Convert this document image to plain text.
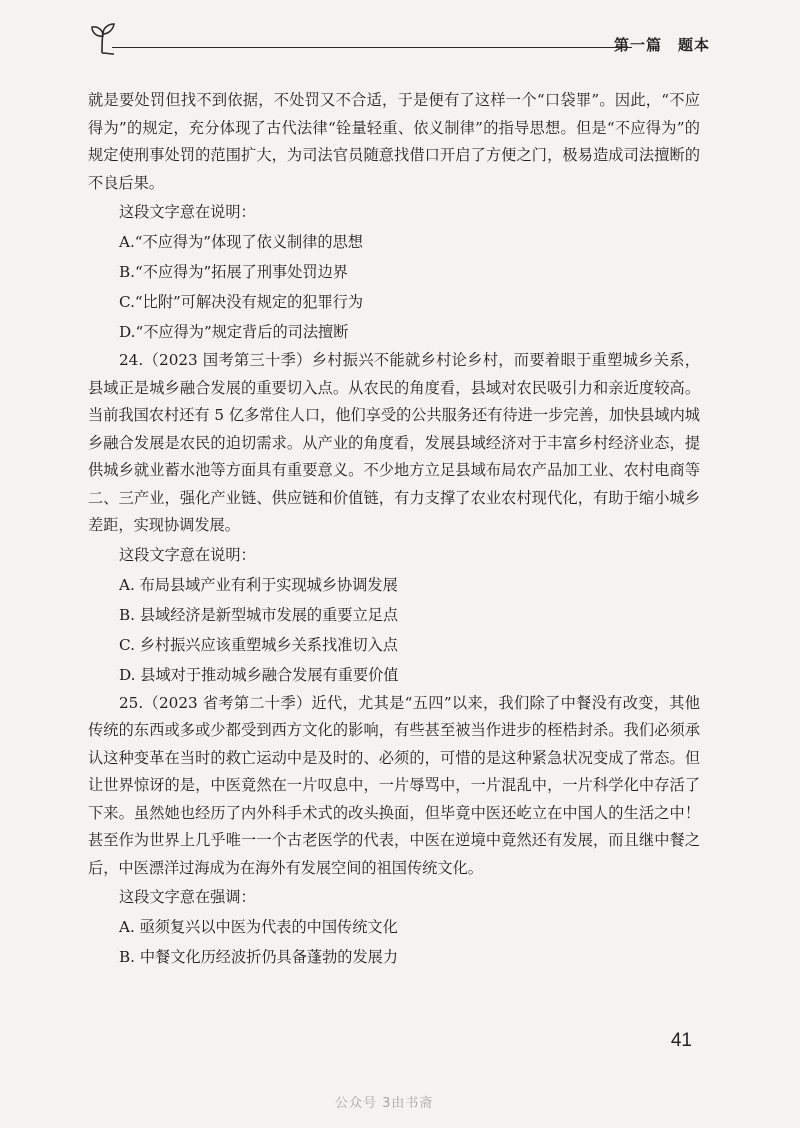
第一篇　题本

就是要处罚但找不到依据，不处罚又不合适，于是便有了这样一个“口袋罪”。因此，“不应得为”的规定，充分体现了古代法律“铨量轻重、依义制律”的指导思想。但是“不应得为”的规定使刑事处罚的范围扩大，为司法官员随意找借口开启了方便之门，极易造成司法擅断的不良后果。

这段文字意在说明：

A.“不应得为”体现了依义制律的思想

B.“不应得为”拓展了刑事处罚边界

C.“比附”可解决没有规定的犯罪行为

D.“不应得为”规定背后的司法擅断

24.（2023 国考第三十季）乡村振兴不能就乡村论乡村，而要着眼于重塑城乡关系，县域正是城乡融合发展的重要切入点。从农民的角度看，县域对农民吸引力和亲近度较高。当前我国农村还有 5 亿多常住人口，他们享受的公共服务还有待进一步完善，加快县域内城乡融合发展是农民的迫切需求。从产业的角度看，发展县域经济对于丰富乡村经济业态，提供城乡就业蓄水池等方面具有重要意义。不少地方立足县域布局农产品加工业、农村电商等二、三产业，强化产业链、供应链和价值链，有力支撑了农业农村现代化，有助于缩小城乡差距，实现协调发展。

这段文字意在说明：

A. 布局县域产业有利于实现城乡协调发展

B. 县域经济是新型城市发展的重要立足点

C. 乡村振兴应该重塑城乡关系找准切入点

D. 县域对于推动城乡融合发展有重要价值

25.（2023 省考第二十季）近代，尤其是“五四”以来，我们除了中餐没有改变，其他传统的东西或多或少都受到西方文化的影响，有些甚至被当作进步的桎梏封杀。我们必须承认这种变革在当时的救亡运动中是及时的、必须的，可惜的是这种紧急状况变成了常态。但让世界惊讶的是，中医竟然在一片叹息中，一片辱骂中，一片混乱中，一片科学化中存活了下来。虽然她也经历了内外科手术式的改头换面，但毕竟中医还屹立在中国人的生活之中！甚至作为世界上几乎唯一一个古老医学的代表，中医在逆境中竟然还有发展，而且继中餐之后，中医漂洋过海成为在海外有发展空间的祖国传统文化。

这段文字意在强调：

A. 亟须复兴以中医为代表的中国传统文化

B. 中餐文化历经波折仍具备蓬勃的发展力

41
公众号 3由书斋
